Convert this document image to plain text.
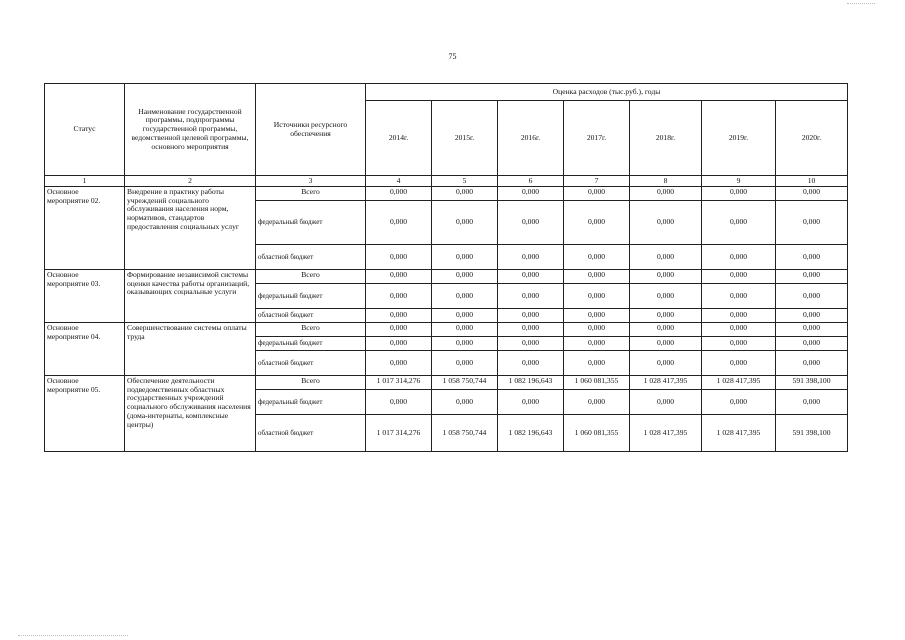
75
Статус	Наименование государственной программы, подпрограммы государственной программы, ведомственной целевой программы, основного мероприятия	Источники ресурсного обеспечения	Оценка расходов (тыс.руб.), годы						
			2014г.	2015г.	2016г.	2017г.	2018г.	2019г.	2020г.
1	2	3	4	5	6	7	8	9	10
Основное мероприятие 02.	Внедрение в практику работы учреждений социального обслуживания населения норм, нормативов, стандартов предоставления социальных услуг	Всего	0,000	0,000	0,000	0,000	0,000	0,000	0,000
		федеральный бюджет	0,000	0,000	0,000	0,000	0,000	0,000	0,000
		областной бюджет	0,000	0,000	0,000	0,000	0,000	0,000	0,000
Основное мероприятие 03.	Формирование независимой системы оценки качества работы организаций, оказывающих социальные услуги	Всего	0,000	0,000	0,000	0,000	0,000	0,000	0,000
		федеральный бюджет	0,000	0,000	0,000	0,000	0,000	0,000	0,000
		областной бюджет	0,000	0,000	0,000	0,000	0,000	0,000	0,000
Основное мероприятие 04.	Совершенствование системы оплаты труда	Всего	0,000	0,000	0,000	0,000	0,000	0,000	0,000
		федеральный бюджет	0,000	0,000	0,000	0,000	0,000	0,000	0,000
		областной бюджет	0,000	0,000	0,000	0,000	0,000	0,000	0,000
Основное мероприятие 05.	Обеспечение деятельности подведомственных областных государственных учреждений социального обслуживания населения (дома-интернаты, комплексные центры)	Всего	1 017 314,276	1 058 750,744	1 082 196,643	1 060 081,355	1 028 417,395	1 028 417,395	591 398,100
		федеральный бюджет	0,000	0,000	0,000	0,000	0,000	0,000	0,000
		областной бюджет	1 017 314,276	1 058 750,744	1 082 196,643	1 060 081,355	1 028 417,395	1 028 417,395	591 398,100
